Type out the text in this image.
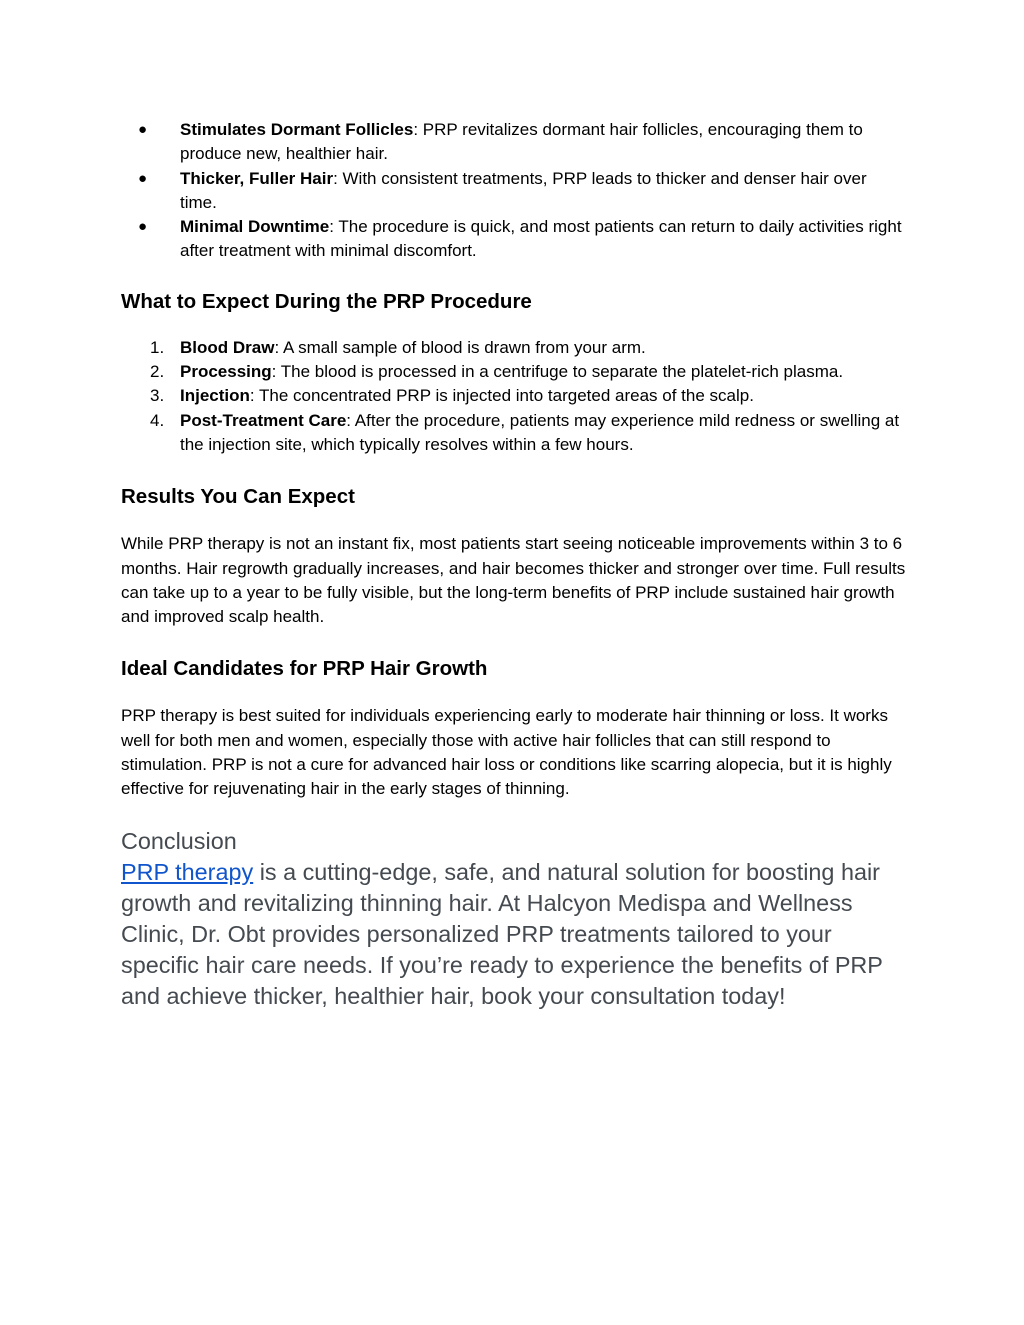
● Stimulates Dormant Follicles: PRP revitalizes dormant hair follicles, encouraging them to produce new, healthier hair.
● Thicker, Fuller Hair: With consistent treatments, PRP leads to thicker and denser hair over time.
● Minimal Downtime: The procedure is quick, and most patients can return to daily activities right after treatment with minimal discomfort.
What to Expect During the PRP Procedure
1. Blood Draw: A small sample of blood is drawn from your arm.
2. Processing: The blood is processed in a centrifuge to separate the platelet-rich plasma.
3. Injection: The concentrated PRP is injected into targeted areas of the scalp.
4. Post-Treatment Care: After the procedure, patients may experience mild redness or swelling at the injection site, which typically resolves within a few hours.
Results You Can Expect

While PRP therapy is not an instant fix, most patients start seeing noticeable improvements within 3 to 6 months. Hair regrowth gradually increases, and hair becomes thicker and stronger over time. Full results can take up to a year to be fully visible, but the long-term benefits of PRP include sustained hair growth and improved scalp health.

Ideal Candidates for PRP Hair Growth

PRP therapy is best suited for individuals experiencing early to moderate hair thinning or loss. It works well for both men and women, especially those with active hair follicles that can still respond to stimulation. PRP is not a cure for advanced hair loss or conditions like scarring alopecia, but it is highly effective for rejuvenating hair in the early stages of thinning.

Conclusion
PRP therapy is a cutting-edge, safe, and natural solution for boosting hair growth and revitalizing thinning hair. At Halcyon Medispa and Wellness Clinic, Dr. Obt provides personalized PRP treatments tailored to your specific hair care needs. If you’re ready to experience the benefits of PRP and achieve thicker, healthier hair, book your consultation today!
